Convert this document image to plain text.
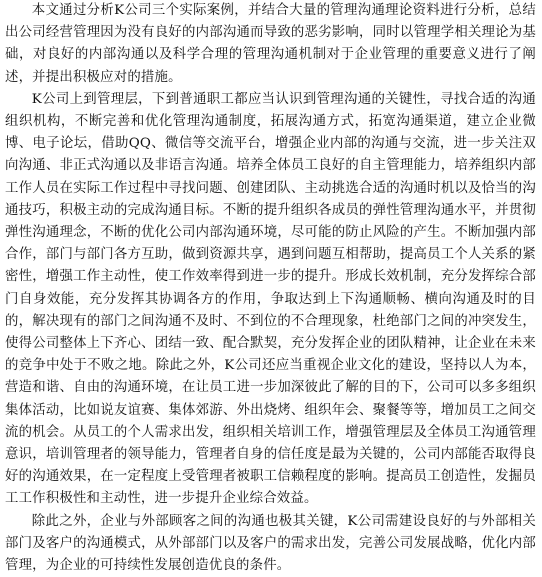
本文通过分析K公司三个实际案例，并结合大量的管理沟通理论资料进行分析，总结出公司经营管理因为没有良好的内部沟通而导致的恶劣影响，同时以管理学相关理论为基础，对良好的内部沟通以及科学合理的管理沟通机制对于企业管理的重要意义进行了阐述，并提出积极应对的措施。

K公司上到管理层，下到普通职工都应当认识到管理沟通的关键性，寻找合适的沟通组织机构，不断完善和优化管理沟通制度，拓展沟通方式，拓宽沟通渠道，建立企业微博、电子论坛，借助QQ、微信等交流平台，增强企业内部的沟通与交流，进一步关注双向沟通、非正式沟通以及非语言沟通。培养全体员工良好的自主管理能力，培养组织内部工作人员在实际工作过程中寻找问题、创建团队、主动挑选合适的沟通时机以及恰当的沟通技巧，积极主动的完成沟通目标。不断的提升组织各成员的弹性管理沟通水平，并贯彻弹性沟通理念，不断的优化公司内部沟通环境，尽可能的防止风险的产生。不断加强内部合作，部门与部门各方互助，做到资源共享，遇到问题互相帮助，提高员工个人关系的紧密性，增强工作主动性，使工作效率得到进一步的提升。形成长效机制，充分发挥综合部门自身效能，充分发挥其协调各方的作用，争取达到上下沟通顺畅、横向沟通及时的目的，解决现有的部门之间沟通不及时、不到位的不合理现象，杜绝部门之间的冲突发生，使得公司整体上下齐心、团结一致、配合默契，充分发挥企业的团队精神，让企业在未来的竞争中处于不败之地。除此之外，K公司还应当重视企业文化的建设，坚持以人为本，营造和谐、自由的沟通环境，在让员工进一步加深彼此了解的目的下，公司可以多多组织集体活动，比如说友谊赛、集体郊游、外出烧烤、组织年会、聚餐等等，增加员工之间交流的机会。从员工的个人需求出发，组织相关培训工作，增强管理层及全体员工沟通管理意识，培训管理者的领导能力，管理者自身的信任度是最为关键的，公司内部能否取得良好的沟通效果，在一定程度上受管理者被职工信赖程度的影响。提高员工创造性，发掘员工工作积极性和主动性，进一步提升企业综合效益。

除此之外，企业与外部顾客之间的沟通也极其关键，K公司需建设良好的与外部相关部门及客户的沟通模式，从外部部门以及客户的需求出发，完善公司发展战略，优化内部管理，为企业的可持续性发展创造优良的条件。
